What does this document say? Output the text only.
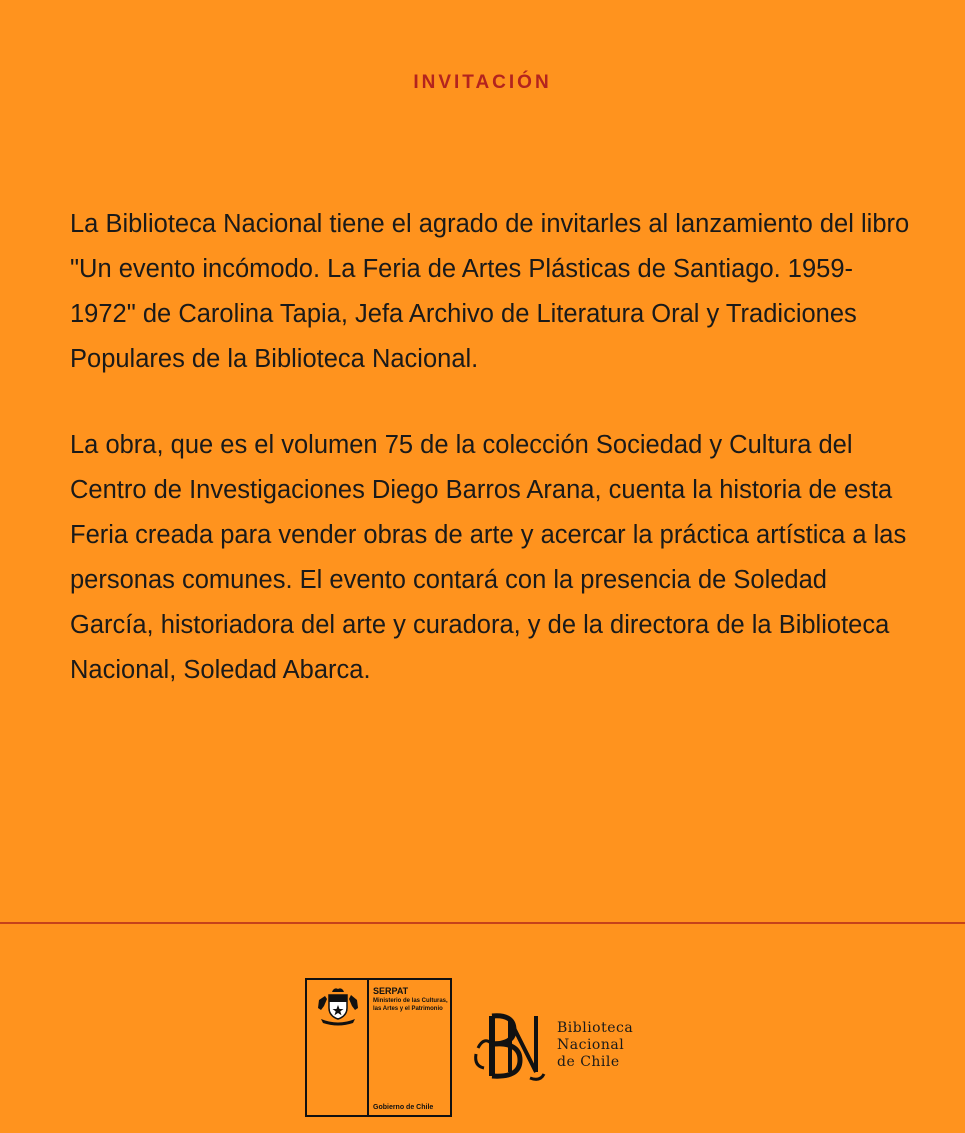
INVITACIÓN

La Biblioteca Nacional tiene el agrado de invitarles al lanzamiento del libro "Un evento incómodo. La Feria de Artes Plásticas de Santiago. 1959-1972" de Carolina Tapia, Jefa Archivo de Literatura Oral y Tradiciones Populares de la Biblioteca Nacional.

La obra, que es el volumen 75 de la colección Sociedad y Cultura del Centro de Investigaciones Diego Barros Arana, cuenta la historia de esta Feria creada para vender obras de arte y acercar la práctica artística a las personas comunes. El evento contará con la presencia de Soledad García, historiadora del arte y curadora, y de la directora de la Biblioteca Nacional, Soledad Abarca.

SERPAT
Ministerio de las Culturas, las Artes y el Patrimonio
Gobierno de Chile
Biblioteca
Nacional
de Chile
